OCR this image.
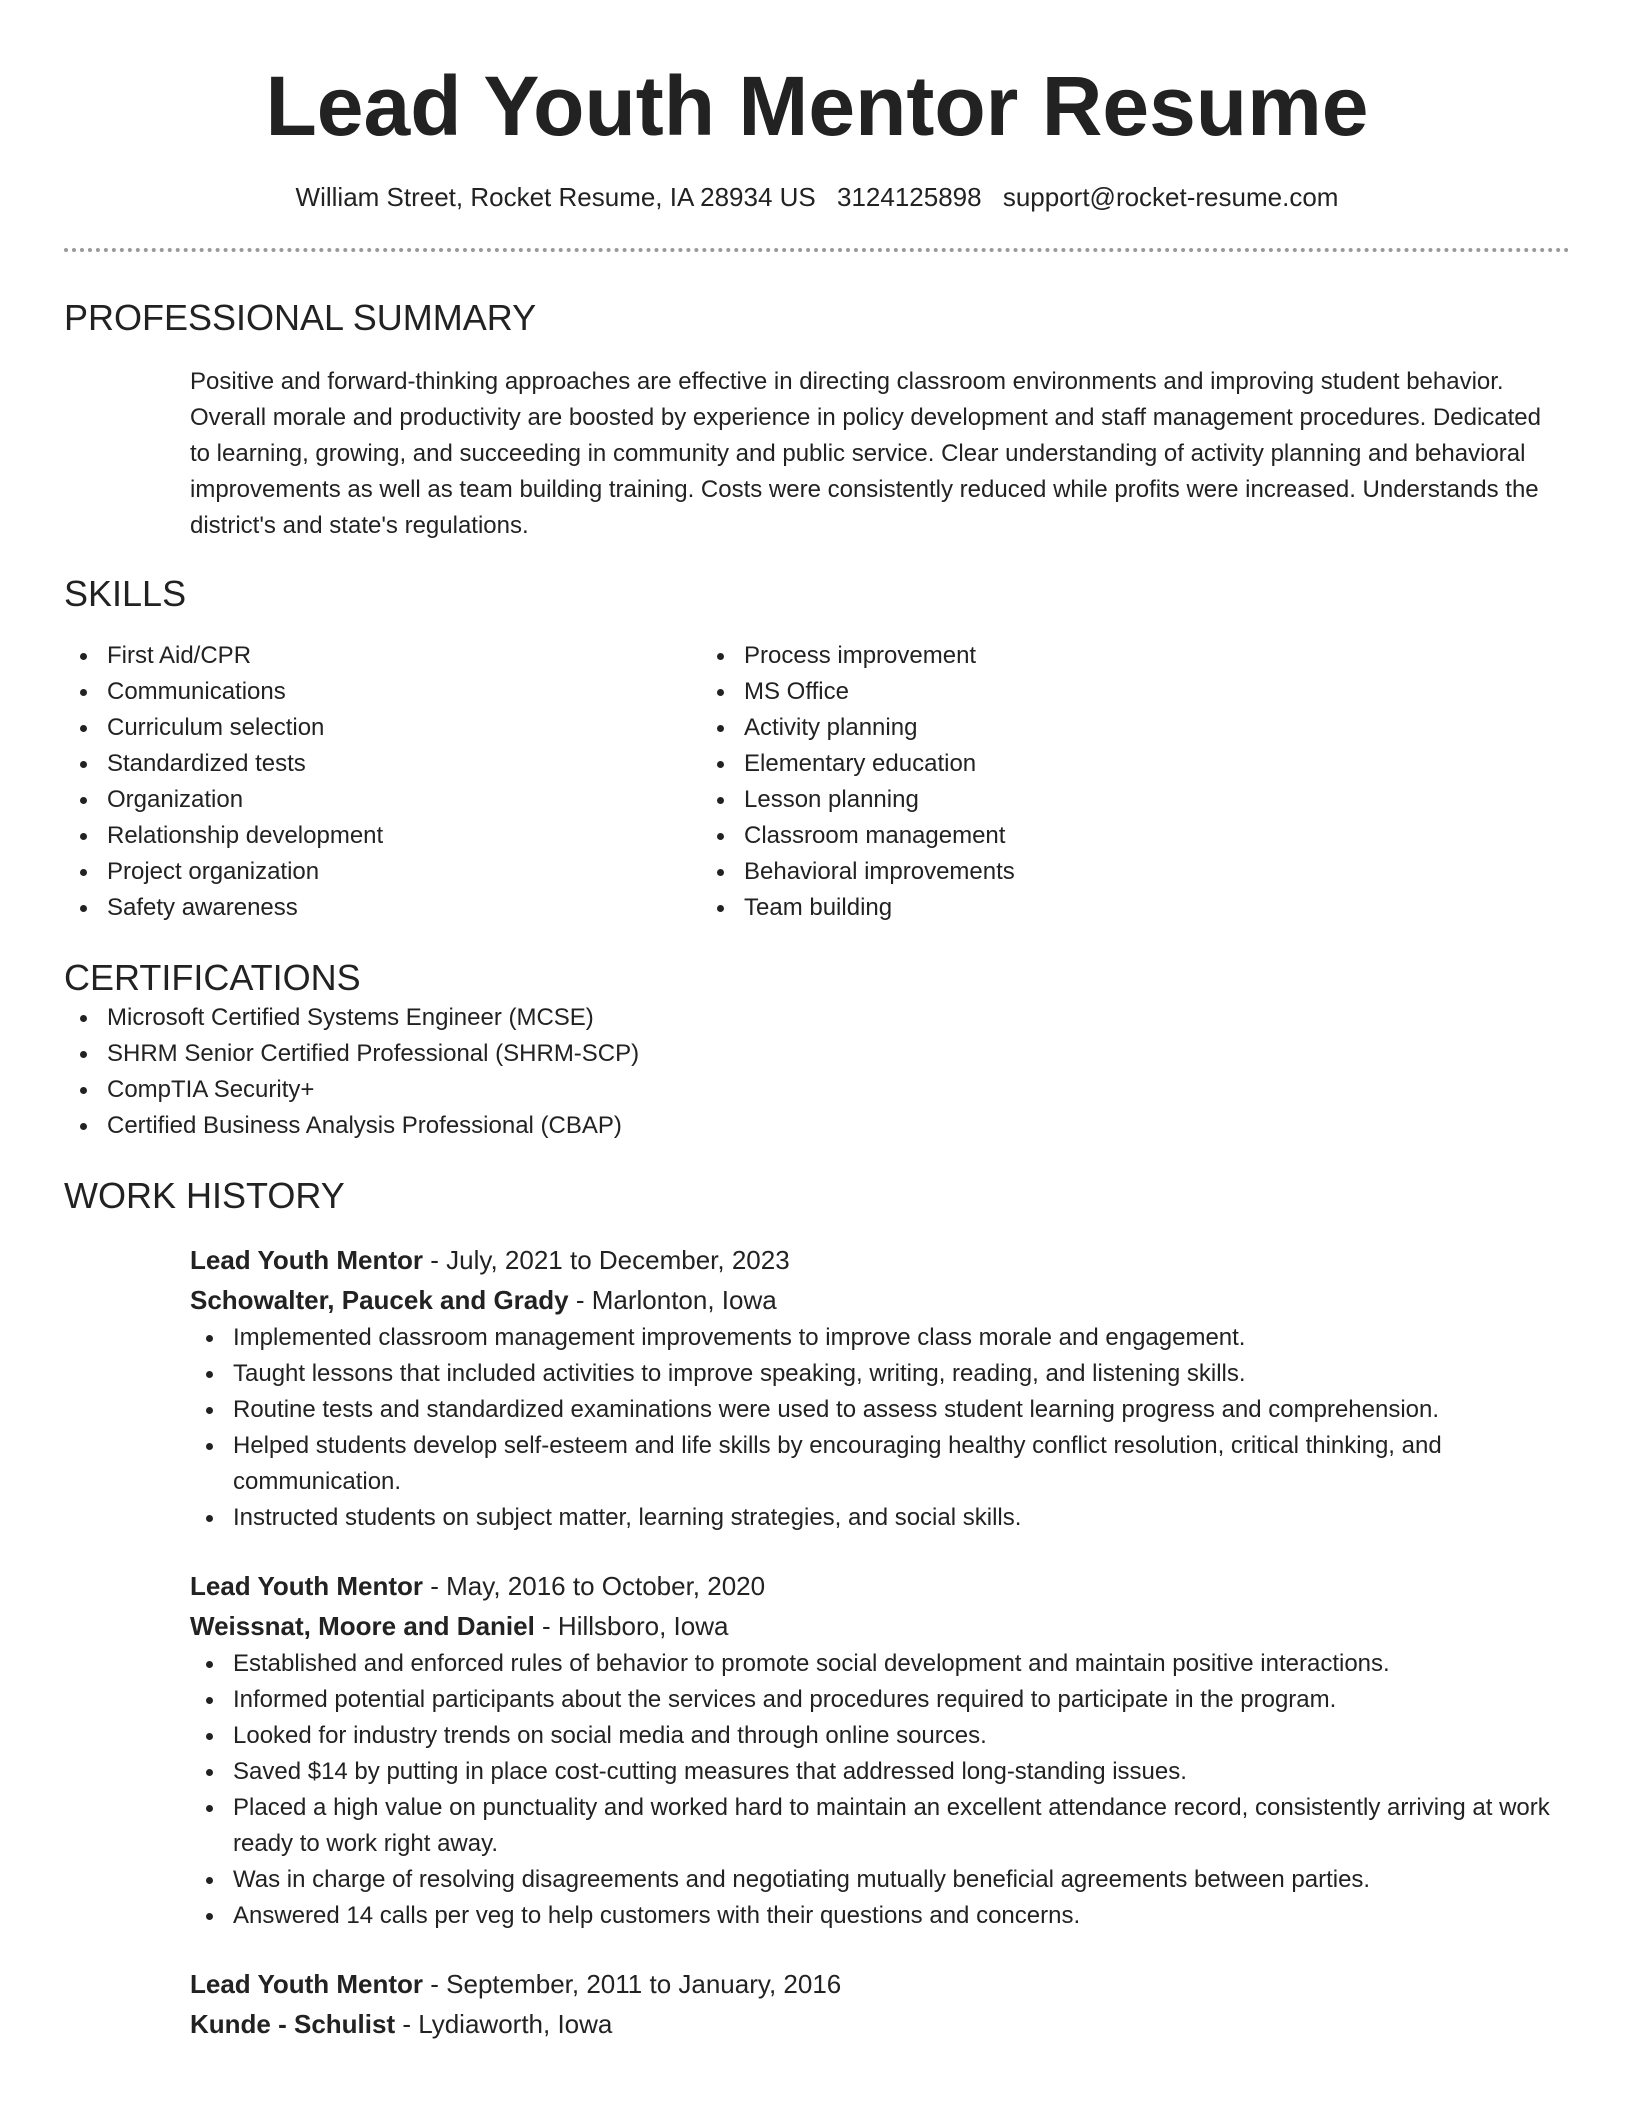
Lead Youth Mentor Resume
William Street, Rocket Resume, IA 28934 US 3124125898 support@rocket-resume.com
PROFESSIONAL SUMMARY

Positive and forward-thinking approaches are effective in directing classroom environments and improving student behavior. Overall morale and productivity are boosted by experience in policy development and staff management procedures. Dedicated to learning, growing, and succeeding in community and public service. Clear understanding of activity planning and behavioral improvements as well as team building training. Costs were consistently reduced while profits were increased. Understands the district's and state's regulations.

SKILLS
First Aid/CPR
Communications
Curriculum selection
Standardized tests
Organization
Relationship development
Project organization
Safety awareness
Process improvement
MS Office
Activity planning
Elementary education
Lesson planning
Classroom management
Behavioral improvements
Team building
CERTIFICATIONS
Microsoft Certified Systems Engineer (MCSE)
SHRM Senior Certified Professional (SHRM-SCP)
CompTIA Security+
Certified Business Analysis Professional (CBAP)
WORK HISTORY
Lead Youth Mentor - July, 2021 to December, 2023
Schowalter, Paucek and Grady - Marlonton, Iowa
Implemented classroom management improvements to improve class morale and engagement.
Taught lessons that included activities to improve speaking, writing, reading, and listening skills.
Routine tests and standardized examinations were used to assess student learning progress and comprehension.
Helped students develop self-esteem and life skills by encouraging healthy conflict resolution, critical thinking, and communication.
Instructed students on subject matter, learning strategies, and social skills.
Lead Youth Mentor - May, 2016 to October, 2020
Weissnat, Moore and Daniel - Hillsboro, Iowa
Established and enforced rules of behavior to promote social development and maintain positive interactions.
Informed potential participants about the services and procedures required to participate in the program.
Looked for industry trends on social media and through online sources.
Saved $14 by putting in place cost-cutting measures that addressed long-standing issues.
Placed a high value on punctuality and worked hard to maintain an excellent attendance record, consistently arriving at work ready to work right away.
Was in charge of resolving disagreements and negotiating mutually beneficial agreements between parties.
Answered 14 calls per veg to help customers with their questions and concerns.
Lead Youth Mentor - September, 2011 to January, 2016
Kunde - Schulist - Lydiaworth, Iowa
